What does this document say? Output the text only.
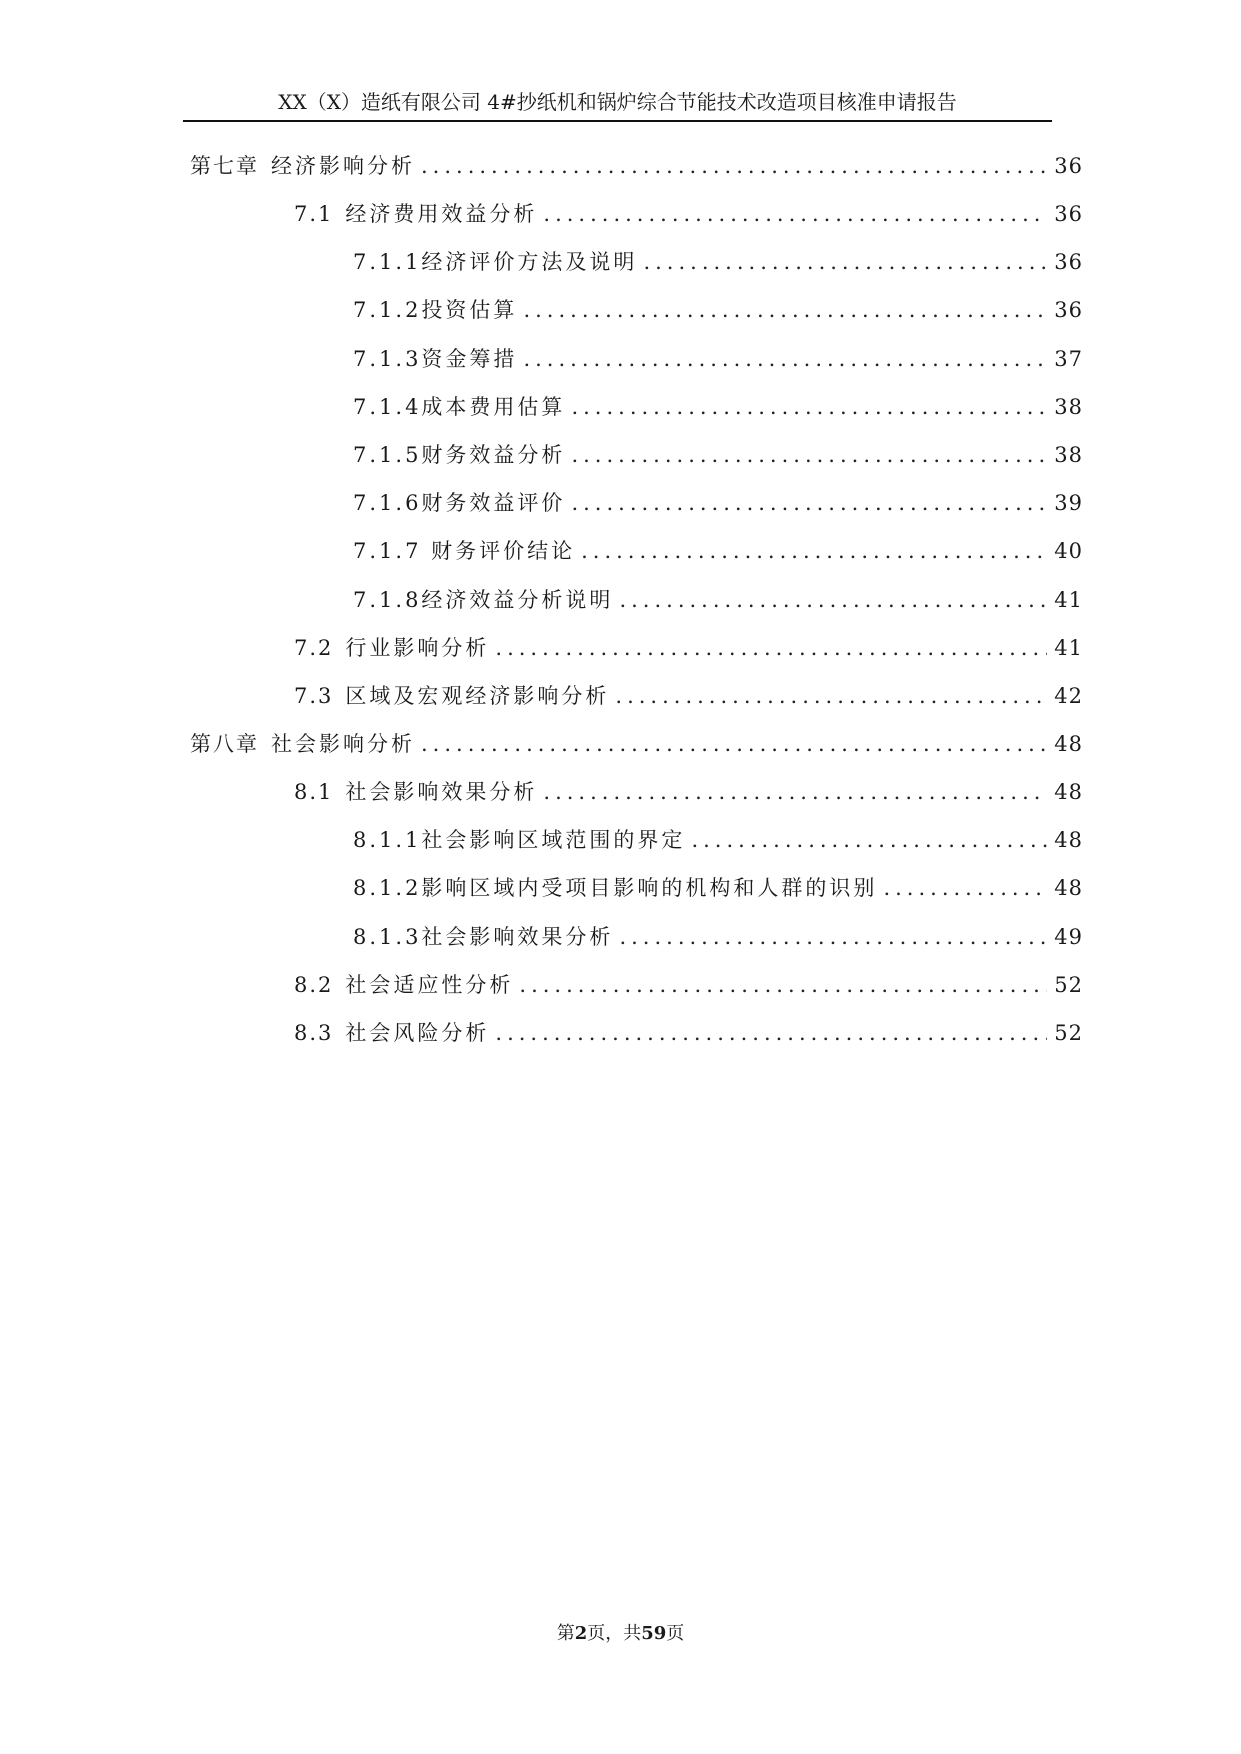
XX（X）造纸有限公司 4#抄纸机和锅炉综合节能技术改造项目核准申请报告
第七章 经济影响分析 .....	36
7.1 经济费用效益分析 .....	36
7.1.1经济评价方法及说明 .....	36
7.1.2投资估算 .....	36
7.1.3资金筹措 .....	37
7.1.4成本费用估算 .....	38
7.1.5财务效益分析 .....	38
7.1.6财务效益评价 .....	39
7.1.7 财务评价结论 .....	40
7.1.8经济效益分析说明 .....	41
7.2 行业影响分析 .....	41
7.3 区域及宏观经济影响分析 .....	42
第八章 社会影响分析 .....	48
8.1 社会影响效果分析 .....	48
8.1.1社会影响区域范围的界定 .....	48
8.1.2影响区域内受项目影响的机构和人群的识别 .....	48
8.1.3社会影响效果分析 .....	49
8.2 社会适应性分析 .....	52
8.3 社会风险分析 .....	52
第2页，共59页
